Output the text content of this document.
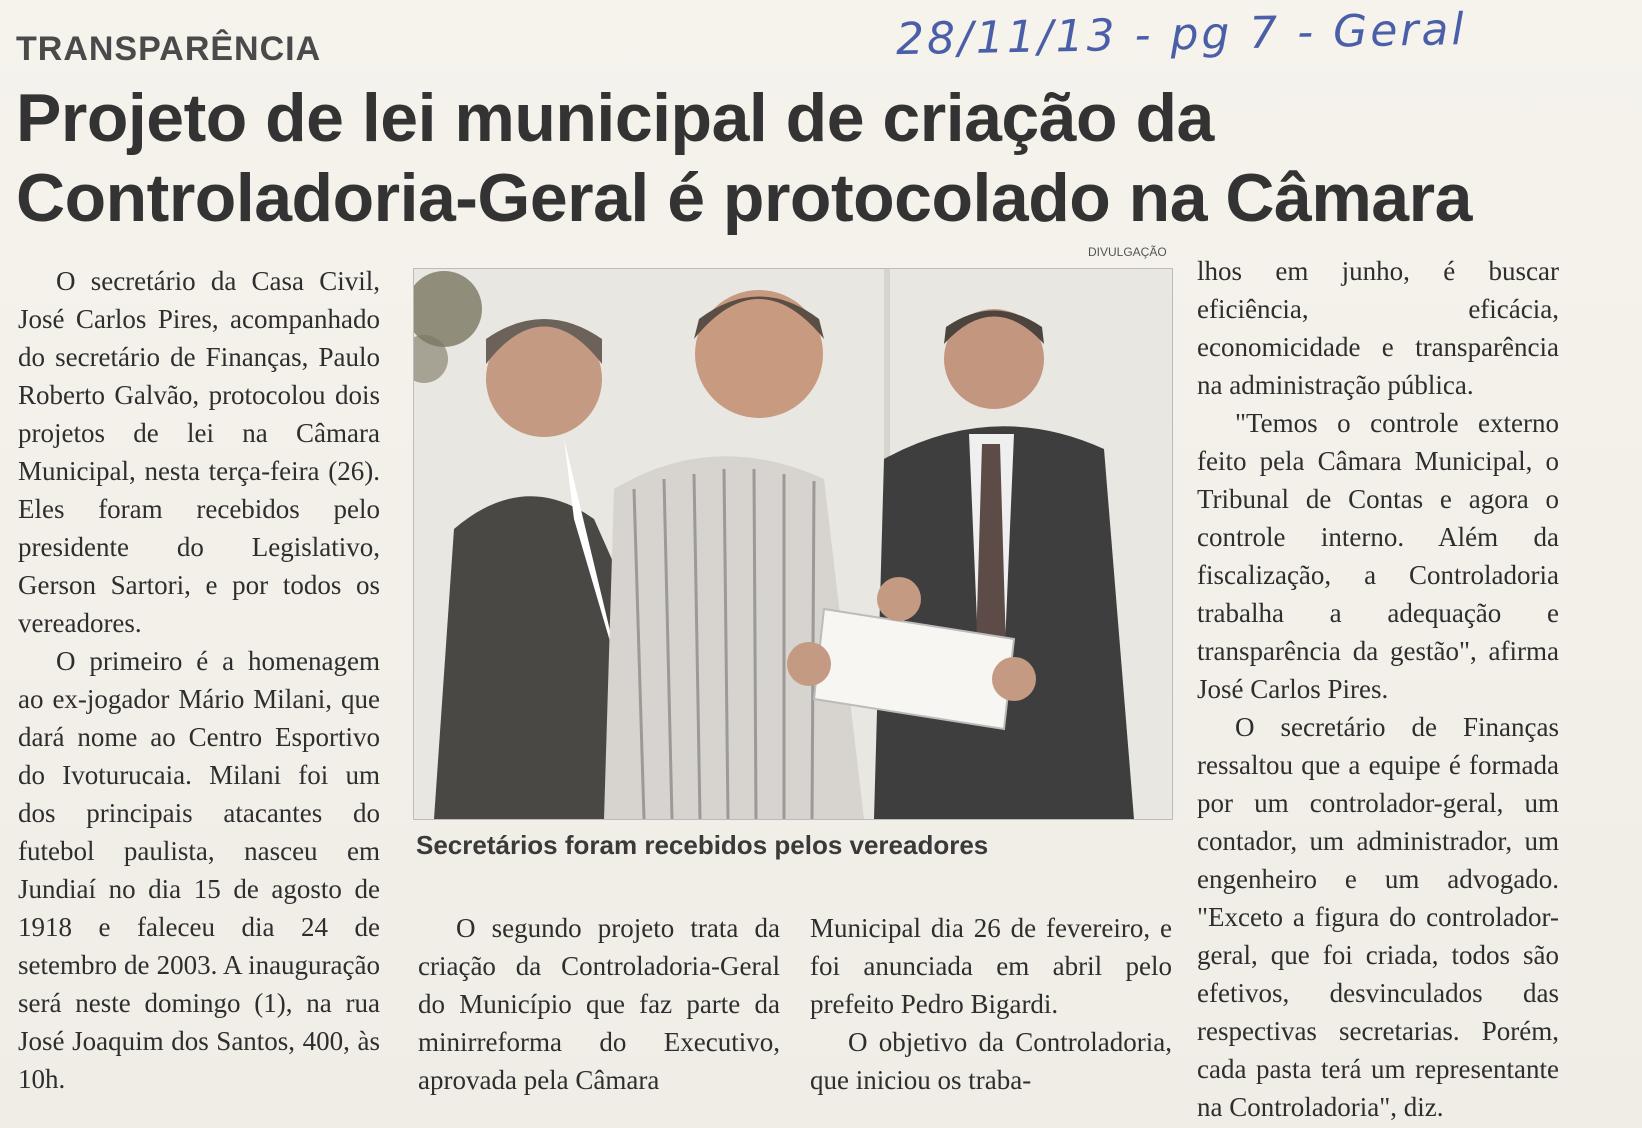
28/11/13 - pg 7 - Geral
TRANSPARÊNCIA
Projeto de lei municipal de criação da
Controladoria-Geral é protocolado na Câmara

O secretário da Casa Civil, José Carlos Pires, acompanhado do secretário de Finanças, Paulo Roberto Galvão, protocolou dois projetos de lei na Câmara Municipal, nesta terça-feira (26). Eles foram recebidos pelo presidente do Legislativo, Gerson Sartori, e por todos os vereadores.

O primeiro é a homenagem ao ex-jogador Mário Milani, que dará nome ao Centro Esportivo do Ivoturucaia. Milani foi um dos principais atacantes do futebol paulista, nasceu em Jundiaí no dia 15 de agosto de 1918 e faleceu dia 24 de setembro de 2003. A inauguração será neste domingo (1), na rua José Joaquim dos Santos, 400, às 10h.

DIVULGAÇÃO
Secretários foram recebidos pelos vereadores

O segundo projeto trata da criação da Controladoria-Geral do Município que faz parte da minirreforma do Executivo, aprovada pela Câmara

Municipal dia 26 de fevereiro, e foi anunciada em abril pelo prefeito Pedro Bigardi.

O objetivo da Controladoria, que iniciou os traba-

lhos em junho, é buscar eficiência, eficácia, economicidade e transparência na administração pública.

"Temos o controle externo feito pela Câmara Municipal, o Tribunal de Contas e agora o controle interno. Além da fiscalização, a Controladoria trabalha a adequação e transparência da gestão", afirma José Carlos Pires.

O secretário de Finanças ressaltou que a equipe é formada por um controlador-geral, um contador, um administrador, um engenheiro e um advogado. "Exceto a figura do controlador-geral, que foi criada, todos são efetivos, desvinculados das respectivas secretarias. Porém, cada pasta terá um representante na Controladoria", diz.
